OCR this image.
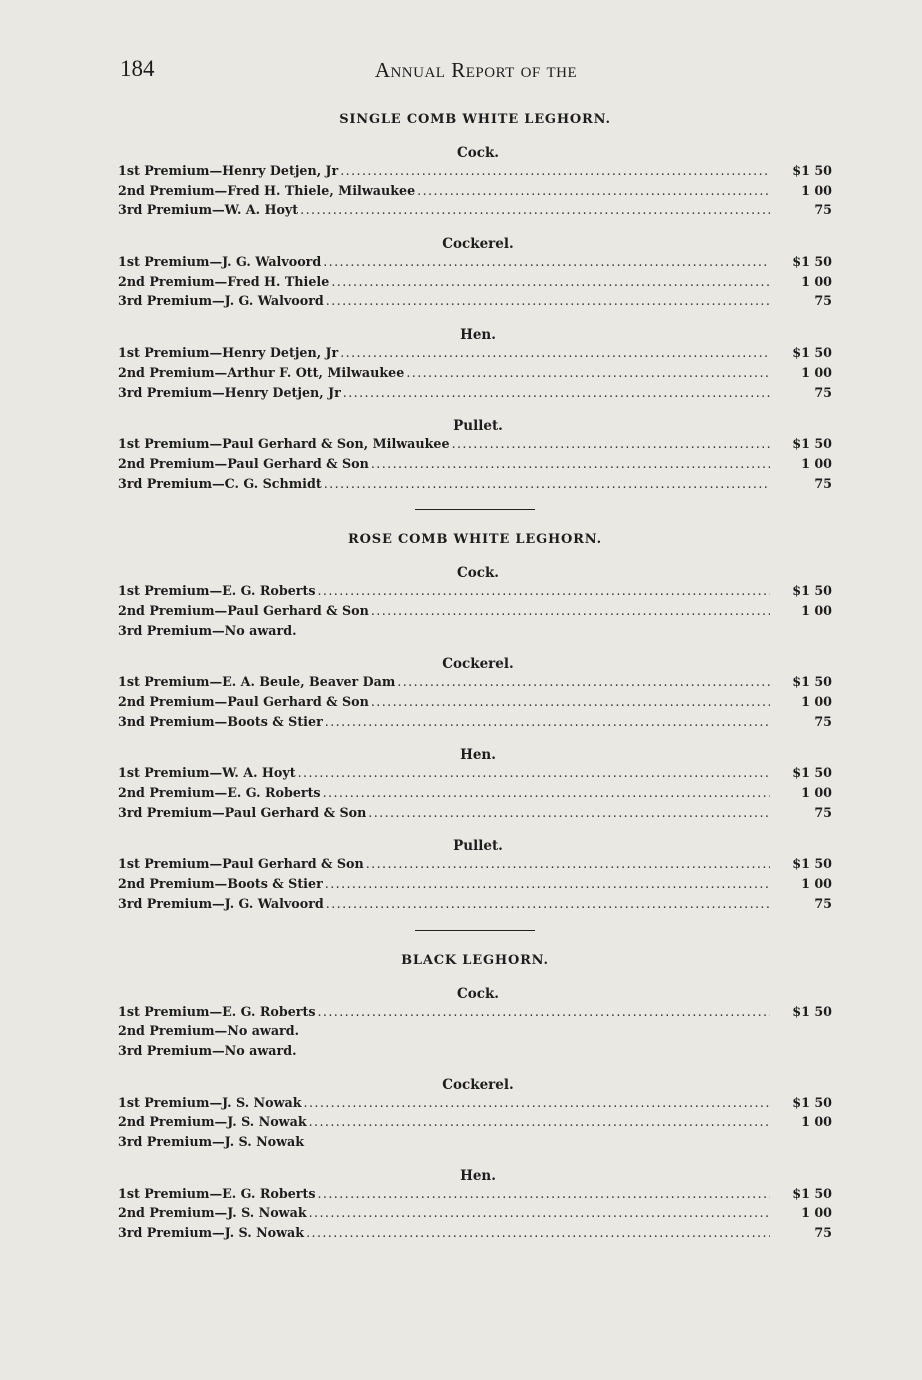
184	Annual Report of the
SINGLE COMB WHITE LEGHORN.
Cock.
1st Premium—Henry Detjen, Jr .....	$1 50
2nd Premium—Fred H. Thiele, Milwaukee .....	1 00
3rd Premium—W. A. Hoyt .....	75
Cockerel.
1st Premium—J. G. Walvoord .....	$1 50
2nd Premium—Fred H. Thiele .....	1 00
3rd Premium—J. G. Walvoord .....	75
Hen.
1st Premium—Henry Detjen, Jr .....	$1 50
2nd Premium—Arthur F. Ott, Milwaukee .....	1 00
3rd Premium—Henry Detjen, Jr .....	75
Pullet.
1st Premium—Paul Gerhard & Son, Milwaukee .....	$1 50
2nd Premium—Paul Gerhard & Son .....	1 00
3rd Premium—C. G. Schmidt .....	75
ROSE COMB WHITE LEGHORN.
Cock.
1st Premium—E. G. Roberts .....	$1 50
2nd Premium—Paul Gerhard & Son .....	1 00
3rd Premium—No award.
Cockerel.
1st Premium—E. A. Beule, Beaver Dam .....	$1 50
2nd Premium—Paul Gerhard & Son .....	1 00
3nd Premium—Boots & Stier .....	75
Hen.
1st Premium—W. A. Hoyt .....	$1 50
2nd Premium—E. G. Roberts .....	1 00
3rd Premium—Paul Gerhard & Son .....	75
Pullet.
1st Premium—Paul Gerhard & Son .....	$1 50
2nd Premium—Boots & Stier .....	1 00
3rd Premium—J. G. Walvoord .....	75
BLACK LEGHORN.
Cock.
1st Premium—E. G. Roberts .....	$1 50
2nd Premium—No award.
3rd Premium—No award.
Cockerel.
1st Premium—J. S. Nowak .....	$1 50
2nd Premium—J. S. Nowak .....	1 00
3rd Premium—J. S. Nowak
Hen.
1st Premium—E. G. Roberts .....	$1 50
2nd Premium—J. S. Nowak .....	1 00
3rd Premium—J. S. Nowak .....	75
